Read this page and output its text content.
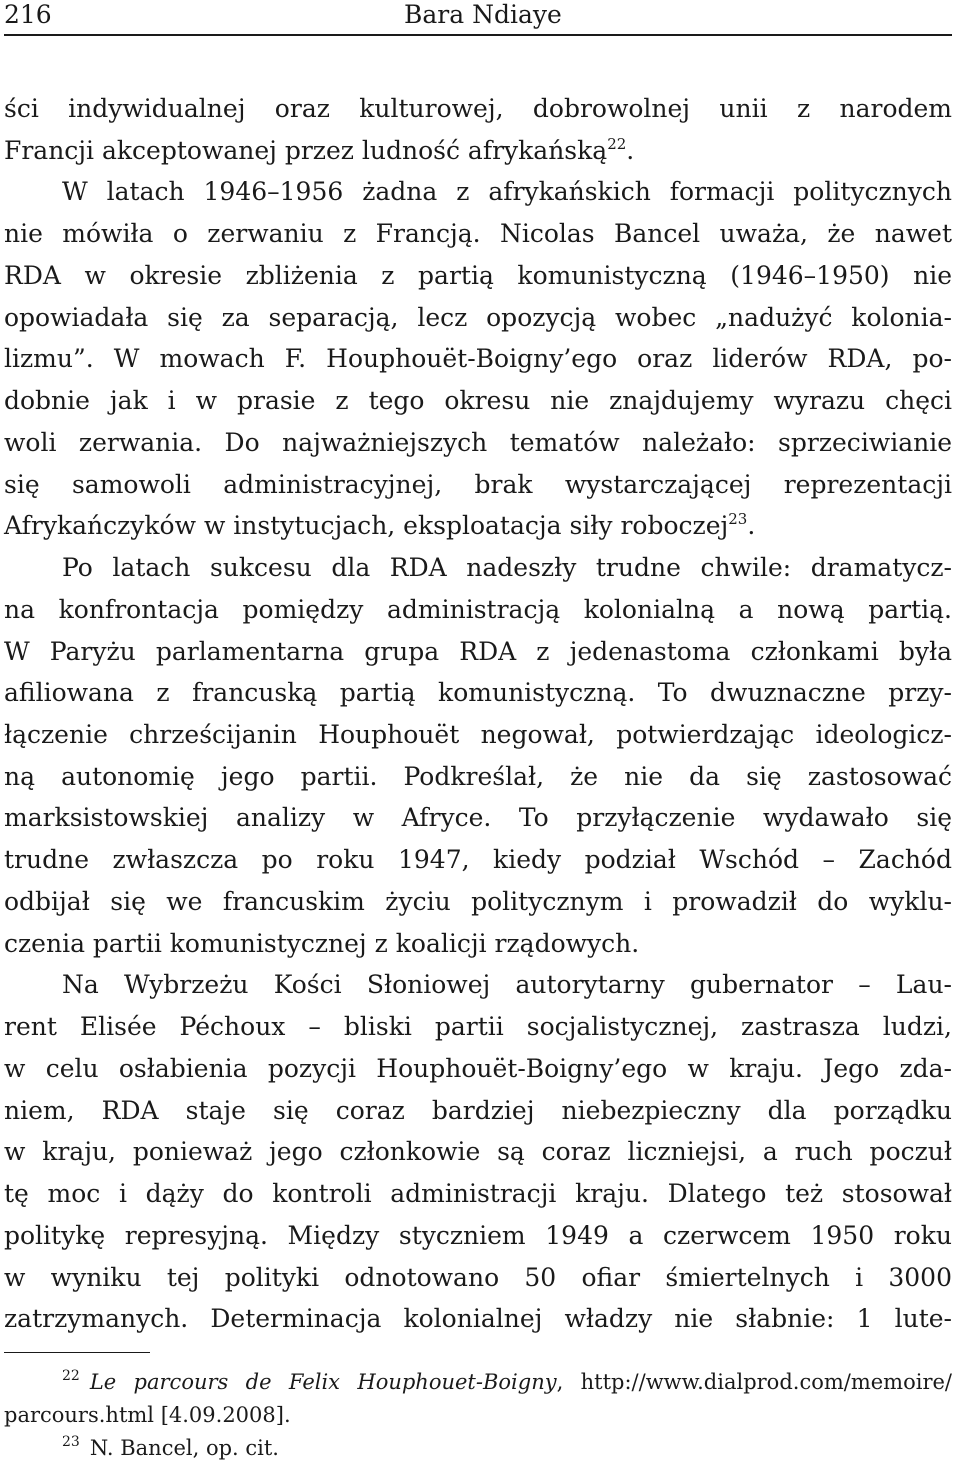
216	Bara Ndiaye
ści indywidualnej oraz kulturowej, dobrowolnej unii z narodem
Francji akceptowanej przez ludność afrykańską$^{22}$.
W latach 1946–1956 żadna z afrykańskich formacji politycznych
nie mówiła o zerwaniu z Francją. Nicolas Bancel uważa, że nawet
RDA w okresie zbliżenia z partią komunistyczną (1946–1950) nie
opowiadała się za separacją, lecz opozycją wobec „nadużyć kolonia-
lizmu”. W mowach F. Houphouët-Boigny’ego oraz liderów RDA, po-
dobnie jak i w prasie z tego okresu nie znajdujemy wyrazu chęci
woli zerwania. Do najważniejszych tematów należało: sprzeciwianie
się samowoli administracyjnej, brak wystarczającej reprezentacji
Afrykańczyków w instytucjach, eksploatacja siły roboczej$^{23}$.
Po latach sukcesu dla RDA nadeszły trudne chwile: dramatycz-
na konfrontacja pomiędzy administracją kolonialną a nową partią.
W Paryżu parlamentarna grupa RDA z jedenastoma członkami była
afiliowana z francuską partią komunistyczną. To dwuznaczne przy-
łączenie chrześcijanin Houphouët negował, potwierdzając ideologicz-
ną autonomię jego partii. Podkreślał, że nie da się zastosować
marksistowskiej analizy w Afryce. To przyłączenie wydawało się
trudne zwłaszcza po roku 1947, kiedy podział Wschód – Zachód
odbijał się we francuskim życiu politycznym i prowadził do wyklu-
czenia partii komunistycznej z koalicji rządowych.
Na Wybrzeżu Kości Słoniowej autorytarny gubernator – Lau-
rent Elisée Péchoux – bliski partii socjalistycznej, zastrasza ludzi,
w celu osłabienia pozycji Houphouët-Boigny’ego w kraju. Jego zda-
niem, RDA staje się coraz bardziej niebezpieczny dla porządku
w kraju, ponieważ jego członkowie są coraz liczniejsi, a ruch poczuł
tę moc i dąży do kontroli administracji kraju. Dlatego też stosował
politykę represyjną. Między styczniem 1949 a czerwcem 1950 roku
w wyniku tej polityki odnotowano 50 ofiar śmiertelnych i 3000
zatrzymanych. Determinacja kolonialnej władzy nie słabnie: 1 lute-
$^{22}$ Le parcours de Felix Houphouet-Boigny, http://www.dialprod.com/memoire/
parcours.html [4.09.2008].
$^{23}$ N. Bancel, op. cit.
